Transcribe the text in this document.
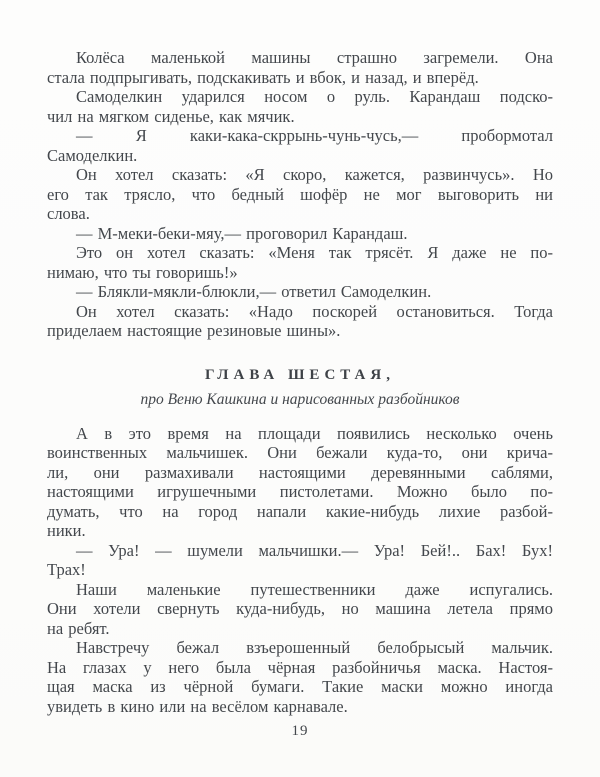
Колёса маленькой машины страшно загремели. Она
стала подпрыгивать, подскакивать и вбок, и назад, и вперёд.

Самоделкин ударился носом о руль. Карандаш подско-
чил на мягком сиденье, как мячик.

— Я каки-кака-скррынь-чунь-чусь,— пробормотал
Самоделкин.

Он хотел сказать: «Я скоро, кажется, развинчусь». Но
его так трясло, что бедный шофёр не мог выговорить ни
слова.

— М-меки-беки-мяу,— проговорил Карандаш.

Это он хотел сказать: «Меня так трясёт. Я даже не по-
нимаю, что ты говоришь!»

— Блякли-мякли-блюкли,— ответил Самоделкин.

Он хотел сказать: «Надо поскорей остановиться. Тогда
приделаем настоящие резиновые шины».

ГЛАВА ШЕСТАЯ,
про Веню Кашкина и нарисованных разбойников

А в это время на площади появились несколько очень
воинственных мальчишек. Они бежали куда-то, они крича-
ли, они размахивали настоящими деревянными саблями,
настоящими игрушечными пистолетами. Можно было по-
думать, что на город напали какие-нибудь лихие разбой-
ники.

— Ура! — шумели мальчишки.— Ура! Бей!.. Бах! Бух!
Трах!

Наши маленькие путешественники даже испугались.
Они хотели свернуть куда-нибудь, но машина летела прямо
на ребят.

Навстречу бежал взъерошенный белобрысый мальчик.
На глазах у него была чёрная разбойничья маска. Настоя-
щая маска из чёрной бумаги. Такие маски можно иногда
увидеть в кино или на весёлом карнавале.

19
